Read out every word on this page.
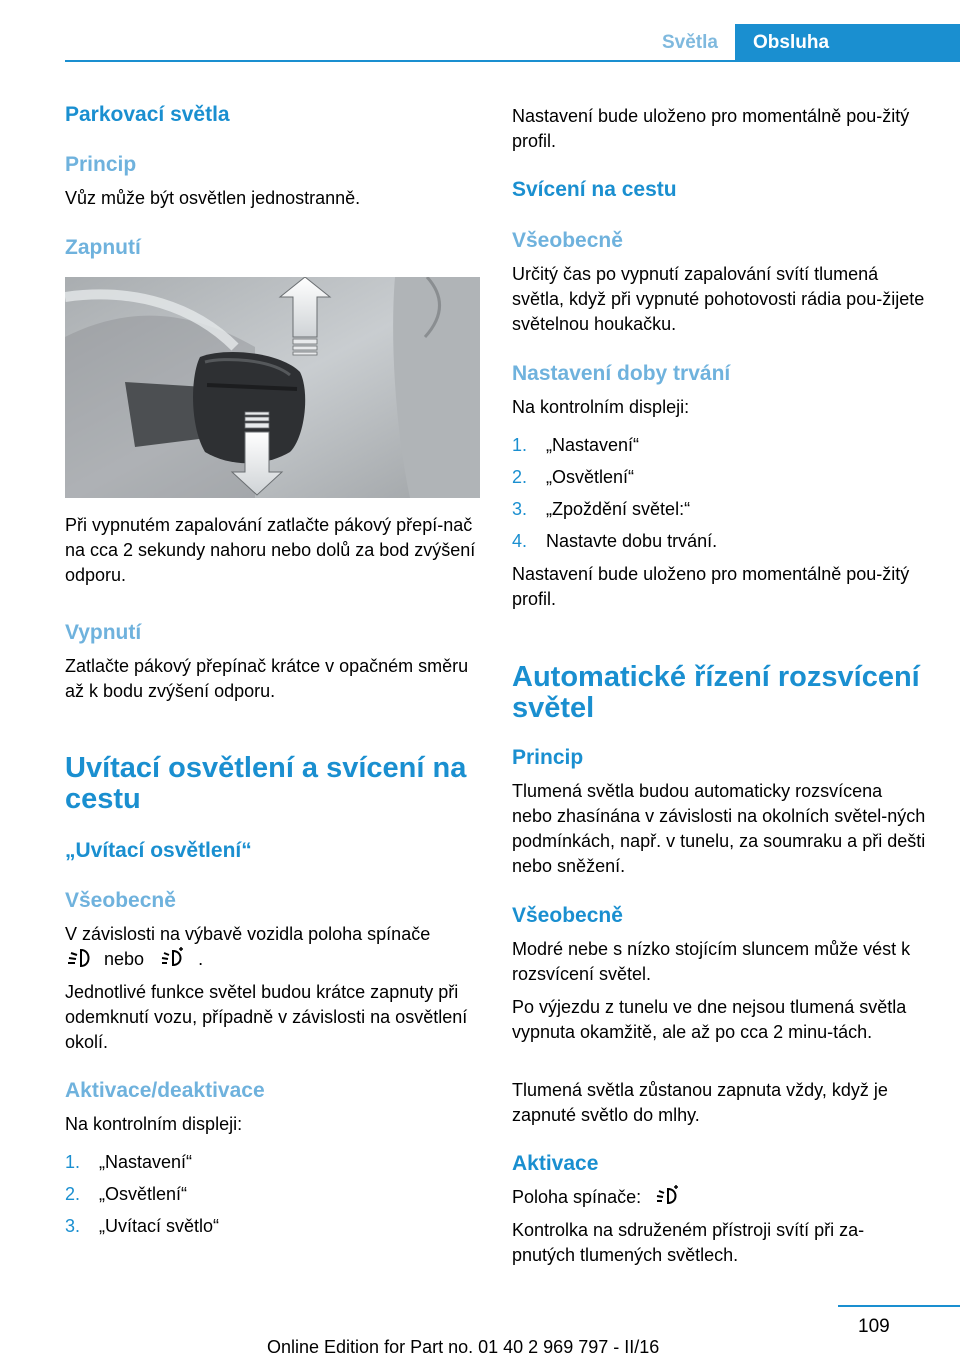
Světla	Obsluha
Parkovací světla
Princip
Vůz může být osvětlen jednostranně.
Zapnutí
Při vypnutém zapalování zatlačte pákový přepí‐nač na cca 2 sekundy nahoru nebo dolů za bod zvýšení odporu.
Vypnutí
Zatlačte pákový přepínač krátce v opačném směru až k bodu zvýšení odporu.
Uvítací osvětlení a svícení na cestu
„Uvítací osvětlení“
Všeobecně
V závislosti na výbavě vozidla poloha spínače
nebo	.
Jednotlivé funkce světel budou krátce zapnuty při odemknutí vozu, případně v závislosti na osvětlení okolí.
Aktivace/deaktivace
Na kontrolním displeji:
1. „Nastavení“
2. „Osvětlení“
3. „Uvítací světlo“
Nastavení bude uloženo pro momentálně pou‐žitý profil.
Svícení na cestu
Všeobecně
Určitý čas po vypnutí zapalování svítí tlumená světla, když při vypnuté pohotovosti rádia pou‐žijete světelnou houkačku.
Nastavení doby trvání
Na kontrolním displeji:
1. „Nastavení“
2. „Osvětlení“
3. „Zpoždění světel:“
4. Nastavte dobu trvání.
Nastavení bude uloženo pro momentálně pou‐žitý profil.
Automatické řízení rozsvícení světel
Princip
Tlumená světla budou automaticky rozsvícena nebo zhasínána v závislosti na okolních světel‐ných podmínkách, např. v tunelu, za soumraku a při dešti nebo sněžení.
Všeobecně
Modré nebe s nízko stojícím sluncem může vést k rozsvícení světel.
Po výjezdu z tunelu ve dne nejsou tlumená světla vypnuta okamžitě, ale až po cca 2 minu‐tách.
Tlumená světla zůstanou zapnuta vždy, když je zapnuté světlo do mlhy.
Aktivace
Poloha spínače:
Kontrolka na sdruženém přístroji svítí při za‐pnutých tlumených světlech.
109
Online Edition for Part no. 01 40 2 969 797 - II/16
